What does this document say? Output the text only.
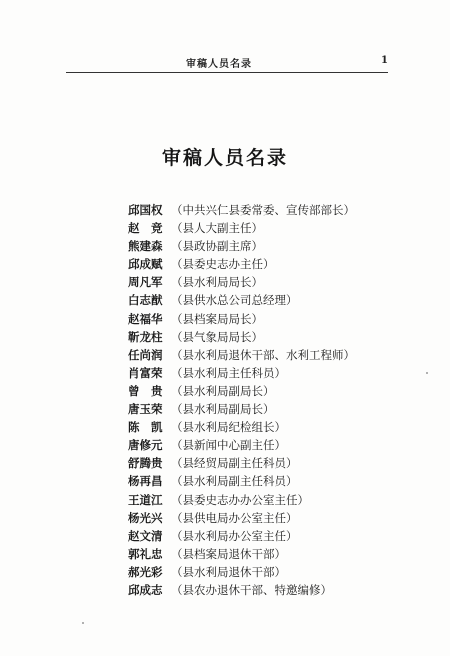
审稿人员名录	1
审稿人员名录
邱国权 （中共兴仁县委常委、宣传部部长）
赵　竞 （县人大副主任）
熊建森 （县政协副主席）
邱成赋 （县委史志办主任）
周凡军 （县水利局局长）
白志猷 （县供水总公司总经理）
赵福华 （县档案局局长）
靳龙柱 （县气象局局长）
任尚润 （县水利局退休干部、水利工程师）
肖富荣 （县水利局主任科员）
曾　贵 （县水利局副局长）
唐玉荣 （县水利局副局长）
陈　凯 （县水利局纪检组长）
唐修元 （县新闻中心副主任）
舒腾贵 （县经贸局副主任科员）
杨再昌 （县水利局副主任科员）
王道江 （县委史志办办公室主任）
杨光兴 （县供电局办公室主任）
赵文清 （县水利局办公室主任）
郭礼忠 （县档案局退休干部）
郝光彩 （县水利局退休干部）
邱成志 （县农办退休干部、特邀编修）
